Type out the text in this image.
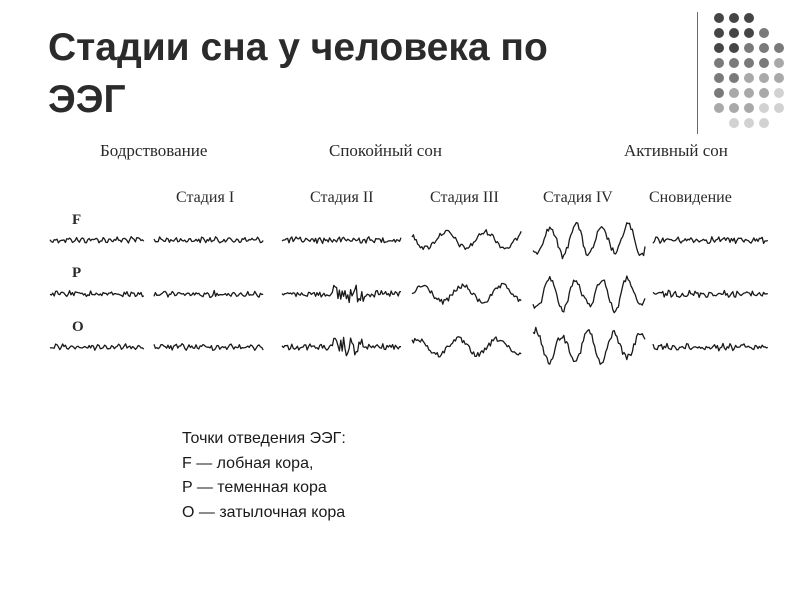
Стадии сна у человека по
ЭЭГ
Бодрствование	Спокойный сон	Активный сон
Стадия I	Стадия II	Стадия III	Стадия IV Сновидение
F
P
O
Точки отведения ЭЭГ:
F — лобная кора,
P — теменная кора
O — затылочная кора
